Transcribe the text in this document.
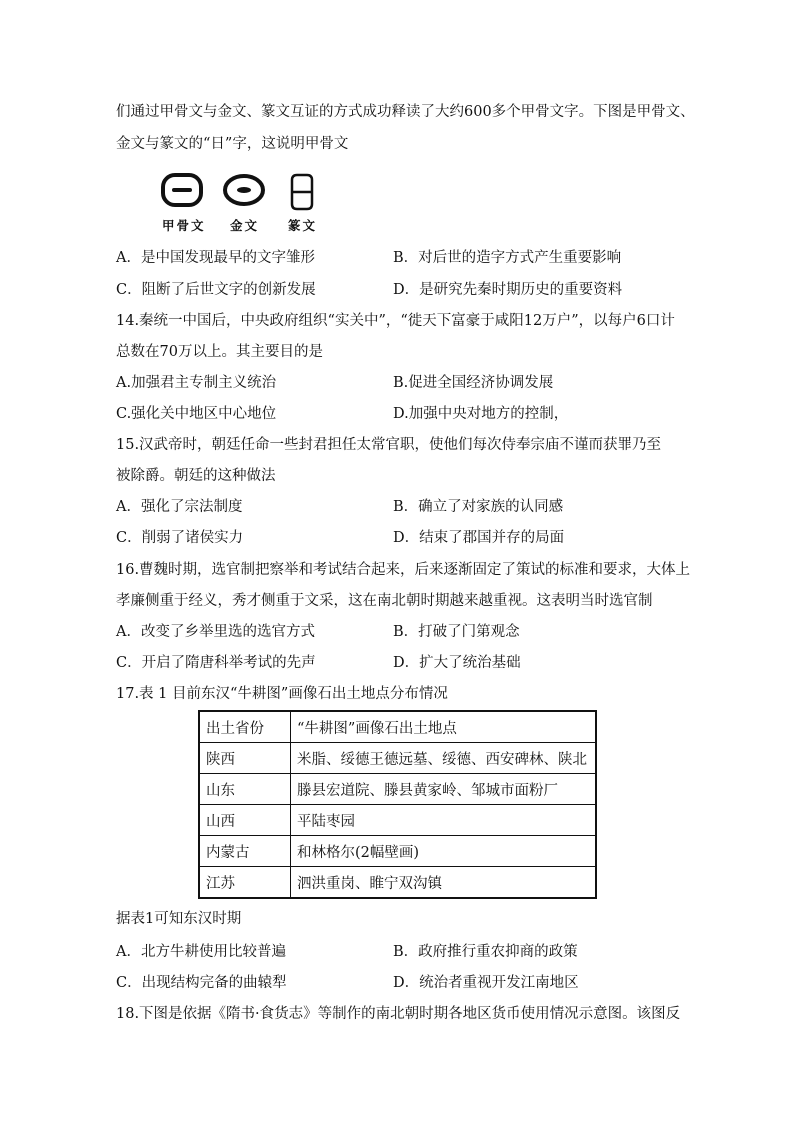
们通过甲骨文与金文、篆文互证的方式成功释读了大约600多个甲骨文字。下图是甲骨文、
金文与篆文的“日”字，这说明甲骨文
甲骨文 金文 篆文
A．是中国发现最早的文字雏形	B．对后世的造字方式产生重要影响
C．阻断了后世文字的创新发展	D．是研究先秦时期历史的重要资料
14.秦统一中国后，中央政府组织“实关中”，“徙天下富豪于咸阳12万户”，以每户6口计
总数在70万以上。其主要目的是
A.加强君主专制主义统治	B.促进全国经济协调发展
C.强化关中地区中心地位	D.加强中央对地方的控制，
15.汉武帝时，朝廷任命一些封君担任太常官职，使他们每次侍奉宗庙不谨而获罪乃至
被除爵。朝廷的这种做法
A．强化了宗法制度	B．确立了对家族的认同感
C．削弱了诸侯实力	D．结束了郡国并存的局面
16.曹魏时期，选官制把察举和考试结合起来，后来逐渐固定了策试的标准和要求，大体上
孝廉侧重于经义，秀才侧重于文采，这在南北朝时期越来越重视。这表明当时选官制
A．改变了乡举里选的选官方式	B．打破了门第观念
C．开启了隋唐科举考试的先声	D．扩大了统治基础
17.表 1 目前东汉“牛耕图”画像石出土地点分布情况
出土省份	“牛耕图”画像石出土地点
陕西	米脂、绥德王德远墓、绥德、西安碑林、陕北
山东	滕县宏道院、滕县黄家岭、邹城市面粉厂
山西	平陆枣园
内蒙古	和林格尔(2幅壁画)
江苏	泗洪重岗、睢宁双沟镇
据表1可知东汉时期
A．北方牛耕使用比较普遍	B．政府推行重农抑商的政策
C．出现结构完备的曲辕犁	D．统治者重视开发江南地区
18.下图是依据《隋书·食货志》等制作的南北朝时期各地区货币使用情况示意图。该图反
